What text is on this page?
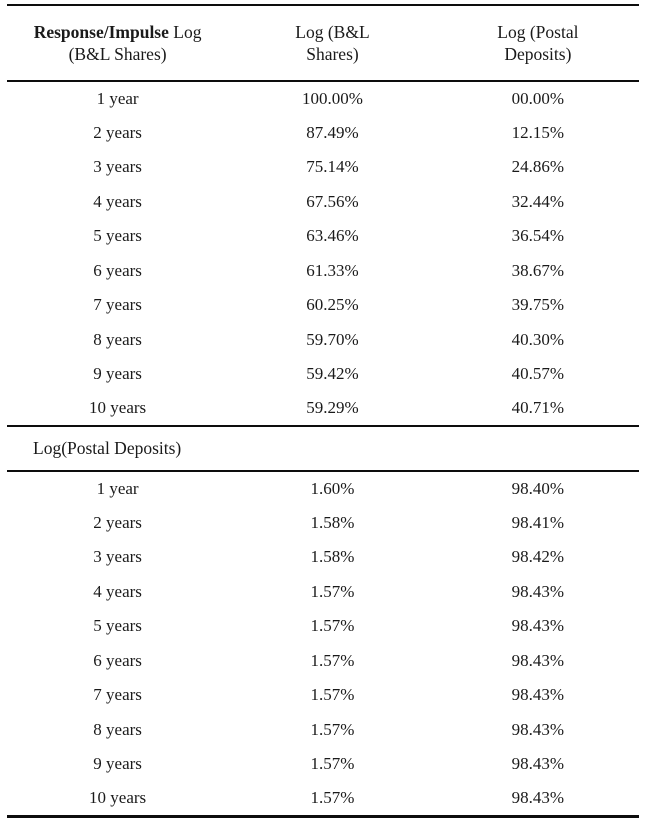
Response/Impulse Log
(B&L Shares)

Log (B&L
Shares)

Log (Postal
Deposits)

1 year	100.00%	00.00%
2 years	87.49%	12.15%
3 years	75.14%	24.86%
4 years	67.56%	32.44%
5 years	63.46%	36.54%
6 years	61.33%	38.67%
7 years	60.25%	39.75%
8 years	59.70%	40.30%
9 years	59.42%	40.57%
10 years	59.29%	40.71%
Log(Postal Deposits)		
1 year	1.60%	98.40%
2 years	1.58%	98.41%
3 years	1.58%	98.42%
4 years	1.57%	98.43%
5 years	1.57%	98.43%
6 years	1.57%	98.43%
7 years	1.57%	98.43%
8 years	1.57%	98.43%
9 years	1.57%	98.43%
10 years	1.57%	98.43%
